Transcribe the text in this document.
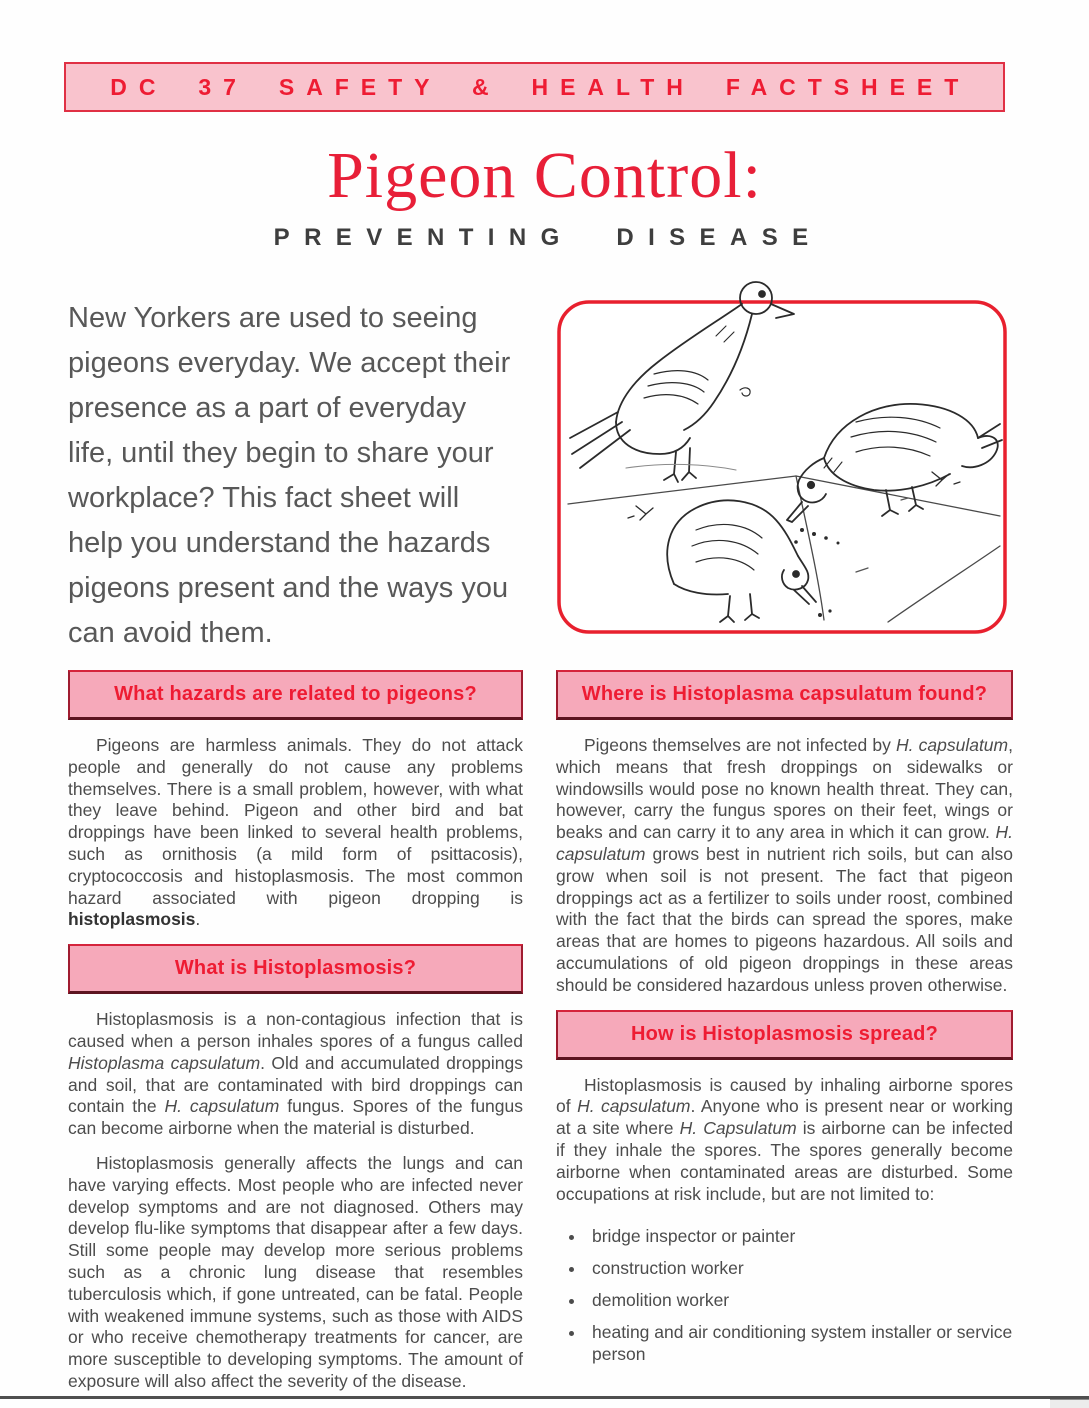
DC 37 SAFETY & HEALTH FACTSHEET
Pigeon Control:
PREVENTING DISEASE
New Yorkers are used to seeing pigeons everyday. We accept their presence as a part of everyday life, until they begin to share your workplace? This fact sheet will help you understand the hazards pigeons present and the ways you can avoid them.
What hazards are related to pigeons?

Pigeons are harmless animals. They do not attack people and generally do not cause any problems themselves. There is a small problem, however, with what they leave behind. Pigeon and other bird and bat droppings have been linked to several health problems, such as ornithosis (a mild form of psittacosis), cryptococcosis and histoplasmosis. The most common hazard associated with pigeon dropping is histoplasmosis.

What is Histoplasmosis?

Histoplasmosis is a non-contagious infection that is caused when a person inhales spores of a fungus called Histoplasma capsulatum. Old and accumulated droppings and soil, that are contaminated with bird droppings can contain the H. capsulatum fungus. Spores of the fungus can become airborne when the material is disturbed.

Histoplasmosis generally affects the lungs and can have varying effects. Most people who are infected never develop symptoms and are not diagnosed. Others may develop flu-like symptoms that disappear after a few days. Still some people may develop more serious problems such as a chronic lung disease that resembles tuberculosis which, if gone untreated, can be fatal. People with weakened immune systems, such as those with AIDS or who receive chemotherapy treatments for cancer, are more susceptible to developing symptoms. The amount of exposure will also affect the severity of the disease.

Where is Histoplasma capsulatum found?

Pigeons themselves are not infected by H. capsulatum, which means that fresh droppings on sidewalks or windowsills would pose no known health threat. They can, however, carry the fungus spores on their feet, wings or beaks and can carry it to any area in which it can grow. H. capsulatum grows best in nutrient rich soils, but can also grow when soil is not present. The fact that pigeon droppings act as a fertilizer to soils under roost, combined with the fact that the birds can spread the spores, make areas that are homes to pigeons hazardous. All soils and accumulations of old pigeon droppings in these areas should be considered hazardous unless proven otherwise.

How is Histoplasmosis spread?

Histoplasmosis is caused by inhaling airborne spores of H. capsulatum. Anyone who is present near or working at a site where H. Capsulatum is airborne can be infected if they inhale the spores. The spores generally become airborne when contaminated areas are disturbed. Some occupations at risk include, but are not limited to:

• bridge inspector or painter
• construction worker
• demolition worker
• heating and air conditioning system installer or service person
